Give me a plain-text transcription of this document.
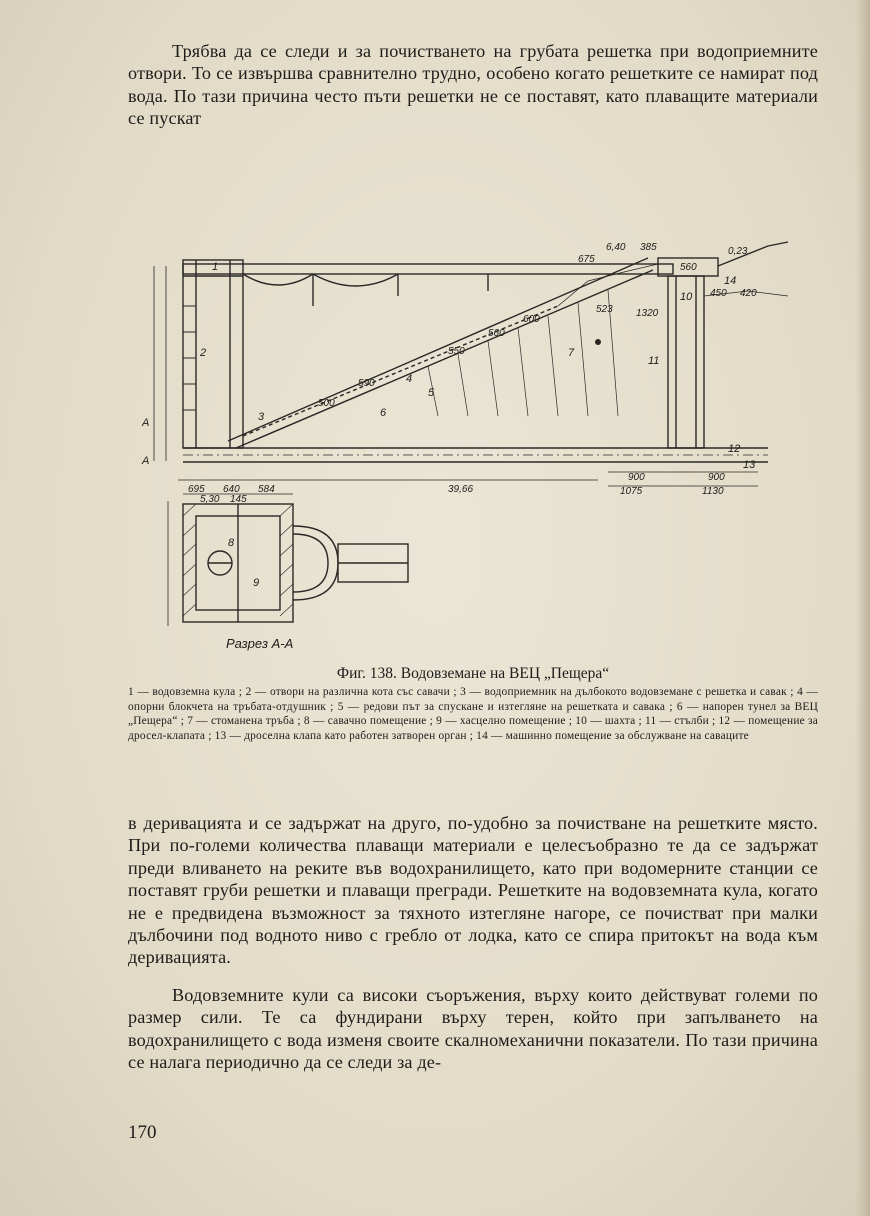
Трябва да се следи и за почистването на грубата решетка при водоприемните отвори. То се извършва сравнително трудно, особено когато решетките се намират под вода. По тази причина често пъти решетки не се поставят, като плаващите материали се пускат

6,40 385
675
0,23
560
450 420
523 1320
695 640 584	39,66
900
1075
900
1130
550
560
600
590
500
5,30 145
1
2
3
4
5
6
7
8
9
10
11
12
13
14
А
А
Разрез А-А

Фиг. 138. Водовземане на ВЕЦ „Пещера“

1 — водовземна кула ; 2 — отвори на различна кота със савачи ; 3 — водоприемник на дълбокото водовземане с решетка и савак ; 4 — опорни блокчета на тръбата-отдушник ; 5 — редови път за спускане и изтегляне на решетката и савака ; 6 — напорен тунел за ВЕЦ „Пещера“ ; 7 — стоманена тръба ; 8 — савачно помещение ; 9 — хасцелно помещение ; 10 — шахта ; 11 — стълби ; 12 — помещение за дросел-клапата ; 13 — дроселна клапа като работен затворен орган ; 14 — машинно помещение за обслужване на саваците

в деривацията и се задържат на друго, по-удобно за почистване на решетките място. При по-големи количества плаващи материали е целесъобразно те да се задържат преди вливането на реките във водохранилището, като при водомерните станции се поставят груби решетки и плаващи прегради. Решетките на водовземната кула, когато не е предвидена възможност за тяхното изтегляне нагоре, се почистват при малки дълбочини под водното ниво с гребло от лодка, като се спира притокът на вода към деривацията.

Водовземните кули са високи съоръжения, върху които действуват големи по размер сили. Те са фундирани върху терен, който при запълването на водохранилището с вода изменя своите скалномеханични показатели. По тази причина се налага периодично да се следи за де-

170
